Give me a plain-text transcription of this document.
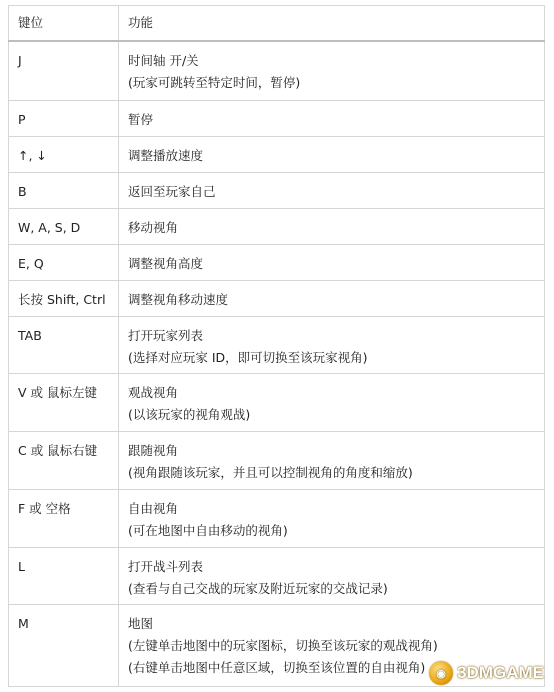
键位	功能
J	时间轴 开/关
(玩家可跳转至特定时间，暂停)

P	暂停

↑, ↓	调整播放速度

B	返回至玩家自己

W, A, S, D	移动视角

E, Q	调整视角高度

长按 Shift, Ctrl	调整视角移动速度

TAB	打开玩家列表
(选择对应玩家 ID，即可切换至该玩家视角)

V 或 鼠标左键	观战视角
(以该玩家的视角观战)

C 或 鼠标右键	跟随视角
(视角跟随该玩家，并且可以控制视角的角度和缩放)

F 或 空格	自由视角
(可在地图中自由移动的视角)

L	打开战斗列表
(查看与自己交战的玩家及附近玩家的交战记录)

M	地图
(左键单击地图中的玩家图标，切换至该玩家的观战视角)
(右键单击地图中任意区域，切换至该位置的自由视角)	◉ 3DMGAME
